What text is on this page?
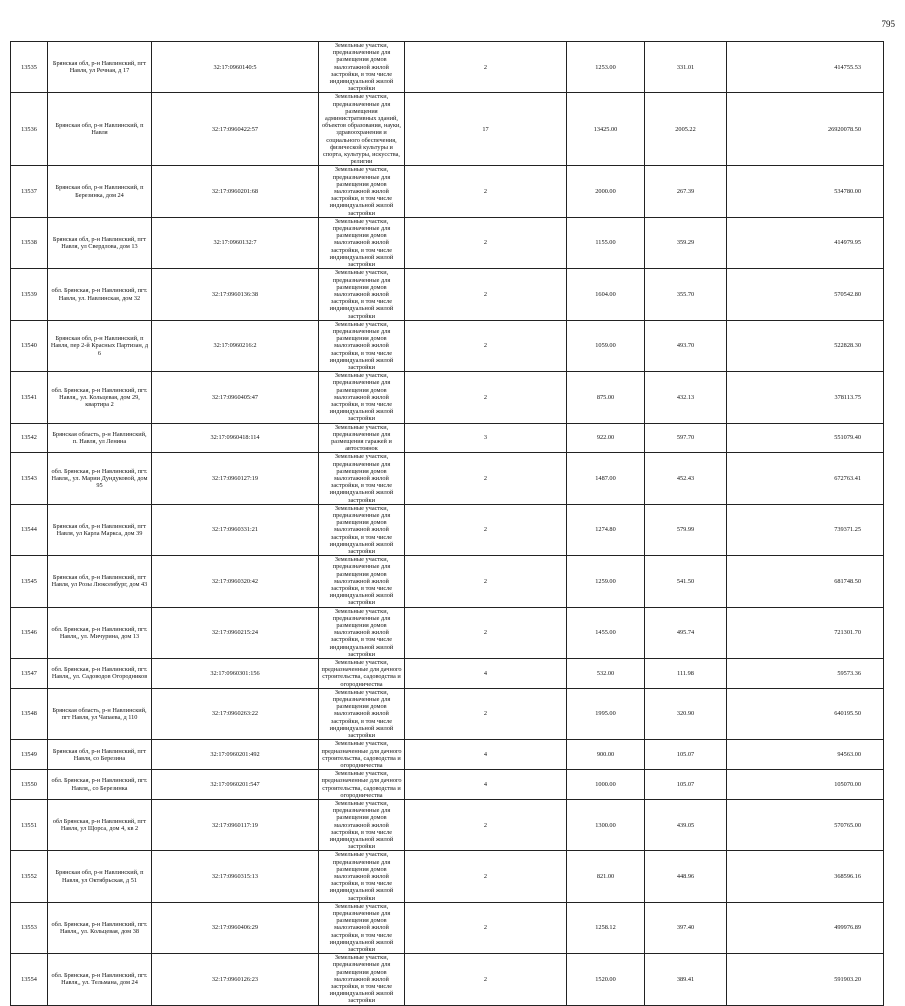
795
13535	Брянская обл, р-н Навлинский, пгт Навля, ул Речная, д 17	32:17:0960140:5	Земельные участки, предназначенные для размещения домов малоэтажной жилой застройки, в том числе индивидуальной жилой застройки	2	1253.00	331.01	414755.53
13536	Брянская обл, р-н Навлинский, п Навля	32:17:0960422:57	Земельные участки, предназначенные для размещения административных зданий, объектов образования, науки, здравоохранения и социального обеспечения, физической культуры и спорта, культуры, искусства, религии	17	13425.00	2005.22	26920078.50
13537	Брянская обл, р-н Навлинский, п Березинка, дом 24	32:17:0960201:68	Земельные участки, предназначенные для размещения домов малоэтажной жилой застройки, в том числе индивидуальной жилой застройки	2	2000.00	267.39	534780.00
13538	Брянская обл, р-н Навлинский, пгт Навля, ул Свердлова, дом 13	32:17:0960132:7	Земельные участки, предназначенные для размещения домов малоэтажной жилой застройки, в том числе индивидуальной жилой застройки	2	1155.00	359.29	414979.95
13539	обл. Брянская, р-н Навлинский, пгт. Навля, ул. Навлинская, дом 32	32:17:0960136:38	Земельные участки, предназначенные для размещения домов малоэтажной жилой застройки, в том числе индивидуальной жилой застройки	2	1604.00	355.70	570542.80
13540	Брянская обл, р-н Навлинский, п Навля, пер 2-й Красных Партизан, д 6	32:17:0960216:2	Земельные участки, предназначенные для размещения домов малоэтажной жилой застройки, в том числе индивидуальной жилой застройки	2	1059.00	493.70	522828.30
13541	обл. Брянская, р-н Навлинский, пгт. Навля,, ул. Кольцевая, дом 29, квартира 2	32:17:0960405:47	Земельные участки, предназначенные для размещения домов малоэтажной жилой застройки, в том числе индивидуальной жилой застройки	2	875.00	432.13	378113.75
13542	Брянская область, р-н Навлинский, п. Навля, ул Ленина	32:17:0960418:114	Земельные участки, предназначенные для размещения гаражей и автостоянок	3	922.00	597.70	551079.40
13543	обл. Брянская, р-н Навлинский, пгт. Навля,, ул. Марии Дундуковой, дом 95	32:17:0960127:19	Земельные участки, предназначенные для размещения домов малоэтажной жилой застройки, в том числе индивидуальной жилой застройки	2	1487.00	452.43	672763.41
13544	Брянская обл, р-н Навлинский, пгт Навля, ул Карла Маркса, дом 39	32:17:0960331:21	Земельные участки, предназначенные для размещения домов малоэтажной жилой застройки, в том числе индивидуальной жилой застройки	2	1274.80	579.99	739371.25
13545	Брянская обл, р-н Навлинский, пгт Навля, ул Розы Люксембург, дом 43	32:17:0960320:42	Земельные участки, предназначенные для размещения домов малоэтажной жилой застройки, в том числе индивидуальной жилой застройки	2	1259.00	541.50	681748.50
13546	обл. Брянская, р-н Навлинский, пгт. Навля,, ул. Мичурина, дом 13	32:17:0960215:24	Земельные участки, предназначенные для размещения домов малоэтажной жилой застройки, в том числе индивидуальной жилой застройки	2	1455.00	495.74	721301.70
13547	обл. Брянская, р-н Навлинский, пгт. Навля,, ул. Садоводов Огородников	32:17:0960301:156	Земельные участки, предназначенные для дачного строительства, садоводства и огородничества	4	532.00	111.98	59573.36
13548	Брянская область, р-н Навлинский, пгт Навля, ул Чапаева, д 110	32:17:0960263:22	Земельные участки, предназначенные для размещения домов малоэтажной жилой застройки, в том числе индивидуальной жилой застройки	2	1995.00	320.90	640195.50
13549	Брянская обл, р-н Навлинский, пгт Навля, со Березина	32:17:0960201:492	Земельные участки, предназначенные для дачного строительства, садоводства и огородничества	4	900.00	105.07	94563.00
13550	обл. Брянская, р-н Навлинский, пгт. Навля,, со Березинка	32:17:0960201:547	Земельные участки, предназначенные для дачного строительства, садоводства и огородничества	4	1000.00	105.07	105070.00
13551	обл Брянская, р-н Навлинский, пгт Навля, ул Щорса, дом 4, кв 2	32:17:0960117:19	Земельные участки, предназначенные для размещения домов малоэтажной жилой застройки, в том числе индивидуальной жилой застройки	2	1300.00	439.05	570765.00
13552	Брянская обл, р-н Навлинский, п Навля, ул Октябрьская, д 51	32:17:0960315:13	Земельные участки, предназначенные для размещения домов малоэтажной жилой застройки, в том числе индивидуальной жилой застройки	2	821.00	448.96	368596.16
13553	обл. Брянская, р-н Навлинский, пгт. Навля,, ул. Кольцевая, дом 38	32:17:0960406:29	Земельные участки, предназначенные для размещения домов малоэтажной жилой застройки, в том числе индивидуальной жилой застройки	2	1258.12	397.40	499976.89
13554	обл. Брянская, р-н Навлинский, пгт. Навля,, ул. Тельмана, дом 24	32:17:0960126:23	Земельные участки, предназначенные для размещения домов малоэтажной жилой застройки, в том числе индивидуальной жилой застройки	2	1520.00	389.41	591903.20
